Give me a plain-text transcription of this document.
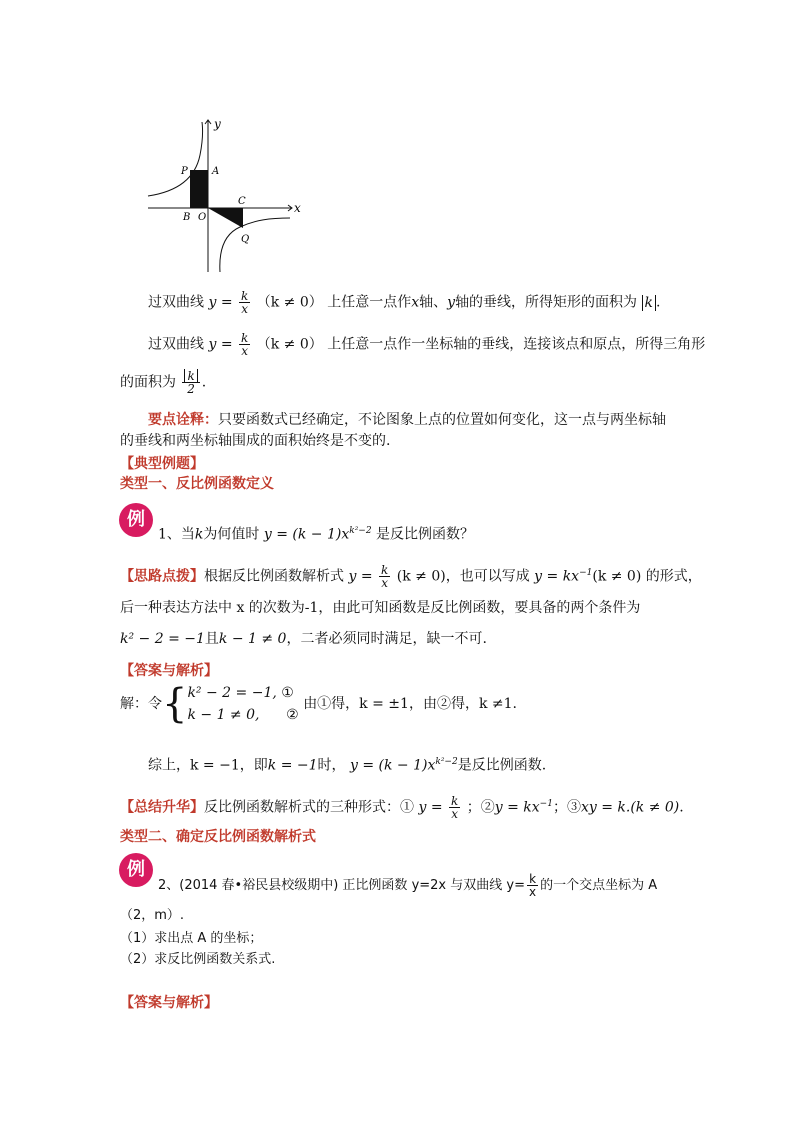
y
x
P A
B O
C
Q
过双曲线 $y = \frac{k}{x} (k \ne 0)$ 上任意一点作x轴、y轴的垂线，所得矩形的面积为 k .
过双曲线 $y = \frac{k}{x} (k \ne 0)$ 上任意一点作一坐标轴的垂线，连接该点和原点，所得三角形
的面积为 $\frac{k}{2}$ .
要点诠释：只要函数式已经确定，不论图象上点的位置如何变化，这一点与两坐标轴
的垂线和两坐标轴围成的面积始终是不变的.
【典型例题】
类型一、反比例函数定义
例
1、当k为何值时 $y = (k - 1)x^{k^2-2}$ 是反比例函数？
【思路点拨】根据反比例函数解析式 $y = \frac{k}{x} (k \ne 0)$，也可以写成 $y = kx^{-1}(k \ne 0)$ 的形式，
后一种表达方法中 x 的次数为-1，由此可知函数是反比例函数，要具备的两个条件为
k² − 2 = −1且k − 1 ≠ 0，二者必须同时满足，缺一不可.
【答案与解析】
解：令{ k² − 2 = −1, ①
k − 1 ≠ 0, ②
由①得，k = ±1，由②得，k ≠1.
综上，k = −1，即k = −1时， $y = (k - 1)x^{k^2-2}$是反比例函数.
【总结升华】反比例函数解析式的三种形式：① $y = \frac{k}{x}$ ；②y = $kx^{-1}$；③xy = k.(k ≠ 0).
类型二、确定反比例函数解析式
例
2、(2014 春•裕民县校级期中) 正比例函数 y=2x 与双曲线 $y= \frac{k}{x}$ 的一个交点坐标为 A
（2，m）.
（1）求出点 A 的坐标；
（2）求反比例函数关系式.
【答案与解析】
